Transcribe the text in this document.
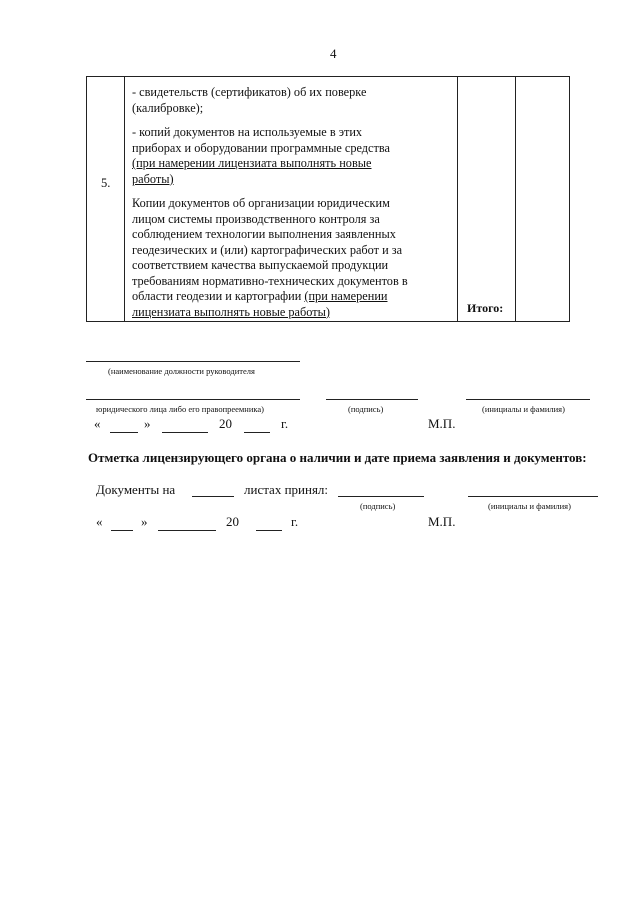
4
5.

- свидетельств (сертификатов) об их поверке (калибровке);

- копий документов на используемые в этих приборах и оборудовании программные средства (при намерении лицензиата выполнять новые работы)

Копии документов об организации юридическим лицом системы производственного контроля за соблюдением технологии выполнения заявленных геодезических и (или) картографических работ и за соответствием качества выпускаемой продукции требованиям нормативно-технических документов в области геодезии и картографии (при намерении лицензиата выполнять новые работы)	Итого:
(наименование должности руководителя
юридического лица либо его правопреемника)	(подпись)	(инициалы и фамилия)
«	»	20	г.	М.П.
Отметка лицензирующего органа о наличии и дате приема заявления и документов:
Документы на	листах принял:
(подпись)	(инициалы и фамилия)
«	»	20	г.	М.П.
